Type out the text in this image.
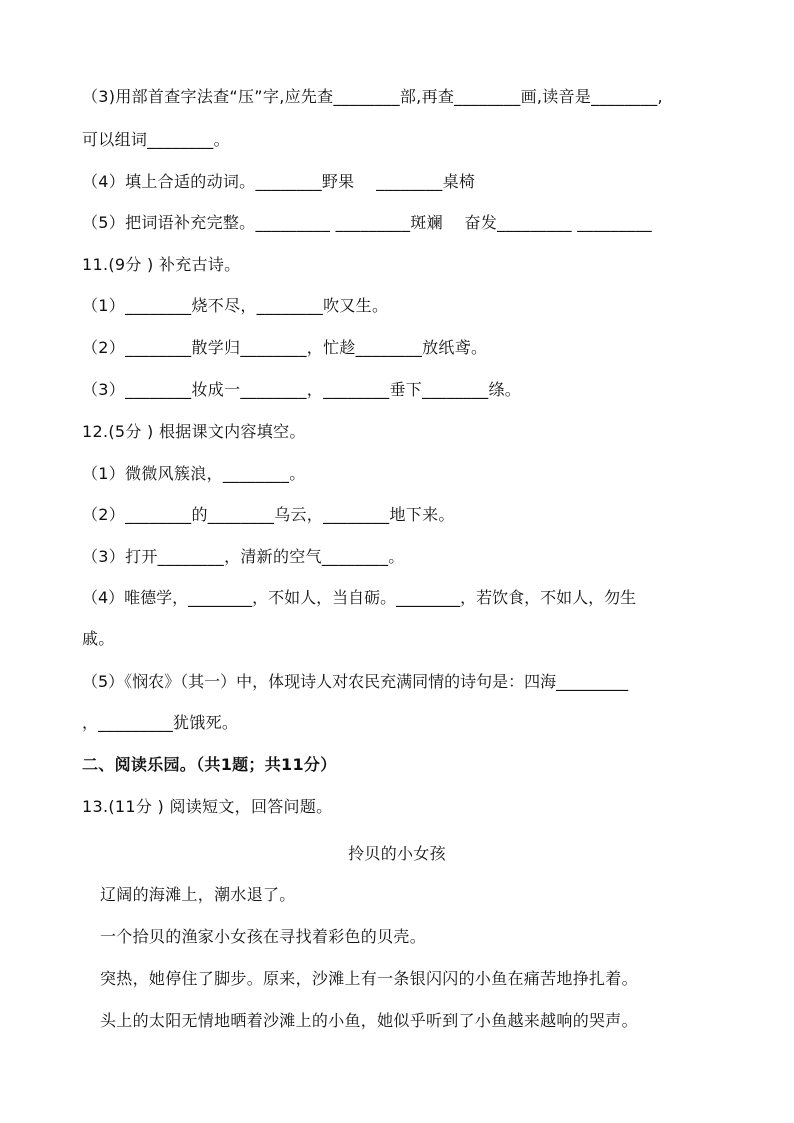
（3)用部首查字法查“压”字,应先查________部,再查________画,读音是________,
可以组词________。
（4）填上合适的动词。________野果　 ________桌椅
（5）把词语补充完整。_________ _________斑斓　 奋发_________ _________
11.(9分 ) 补充古诗。
（1）________烧不尽，________吹又生。
（2）________散学归________，忙趁________放纸鸢。
（3）________妆成一________，________垂下________绦。
12.(5分 ) 根据课文内容填空。
（1）微微风簇浪，________。
（2）________的________乌云，________地下来。
（3）打开________，清新的空气________。
（4）唯德学，________，不如人，当自砺。________，若饮食，不如人，勿生
戚。
（5）《悯农》（其一）中，体现诗人对农民充满同情的诗句是：四海_________
，_________犹饿死。
二、阅读乐园。（共1题；共11分）
13.(11分 ) 阅读短文，回答问题。
拎贝的小女孩
辽阔的海滩上，潮水退了。
一个拾贝的渔家小女孩在寻找着彩色的贝壳。
突热，她停住了脚步。原来，沙滩上有一条银闪闪的小鱼在痛苦地挣扎着。
头上的太阳无情地晒着沙滩上的小鱼，她似乎听到了小鱼越来越响的哭声。
